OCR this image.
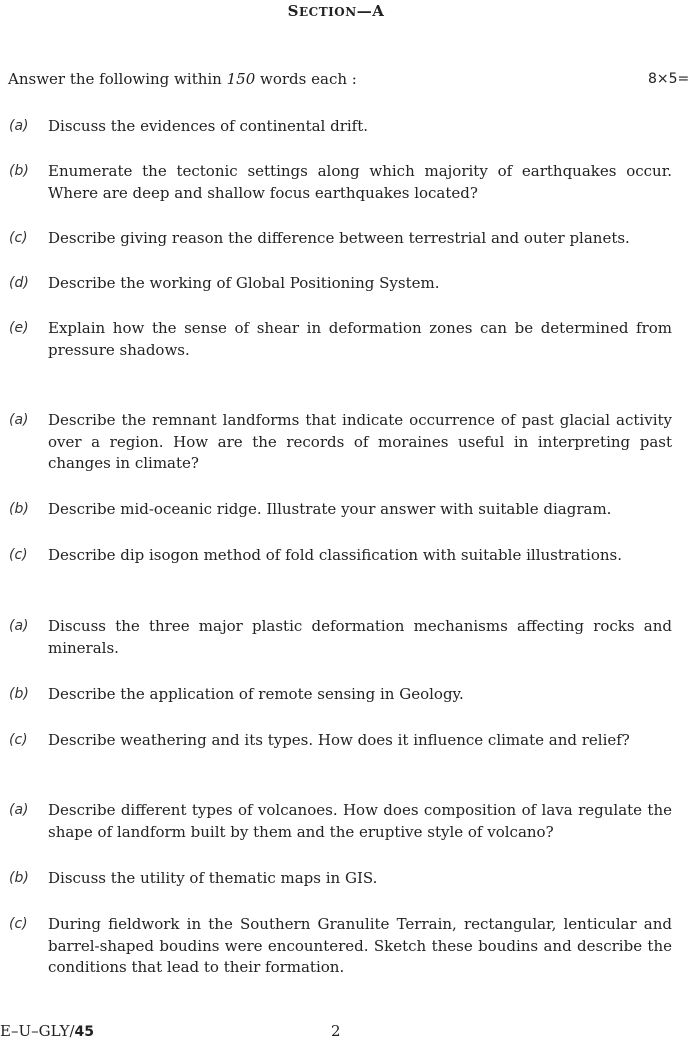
SECTION—A
Answer the following within 150 words each :	8×5=
(a) Discuss the evidences of continental drift.
(b) Enumerate the tectonic settings along which majority of earthquakes occur. Where are deep and shallow focus earthquakes located?
(c) Describe giving reason the difference between terrestrial and outer planets.
(d) Describe the working of Global Positioning System.
(e) Explain how the sense of shear in deformation zones can be determined from pressure shadows.
(a) Describe the remnant landforms that indicate occurrence of past glacial activity over a region. How are the records of moraines useful in interpreting past changes in climate?
(b) Describe mid-oceanic ridge. Illustrate your answer with suitable diagram.
(c) Describe dip isogon method of fold classification with suitable illustrations.
(a) Discuss the three major plastic deformation mechanisms affecting rocks and minerals.
(b) Describe the application of remote sensing in Geology.
(c) Describe weathering and its types. How does it influence climate and relief?
(a) Describe different types of volcanoes. How does composition of lava regulate the shape of landform built by them and the eruptive style of volcano?
(b) Discuss the utility of thematic maps in GIS.
(c) During fieldwork in the Southern Granulite Terrain, rectangular, lenticular and barrel-shaped boudins were encountered. Sketch these boudins and describe the conditions that lead to their formation.
E–U–GLY/45	2
